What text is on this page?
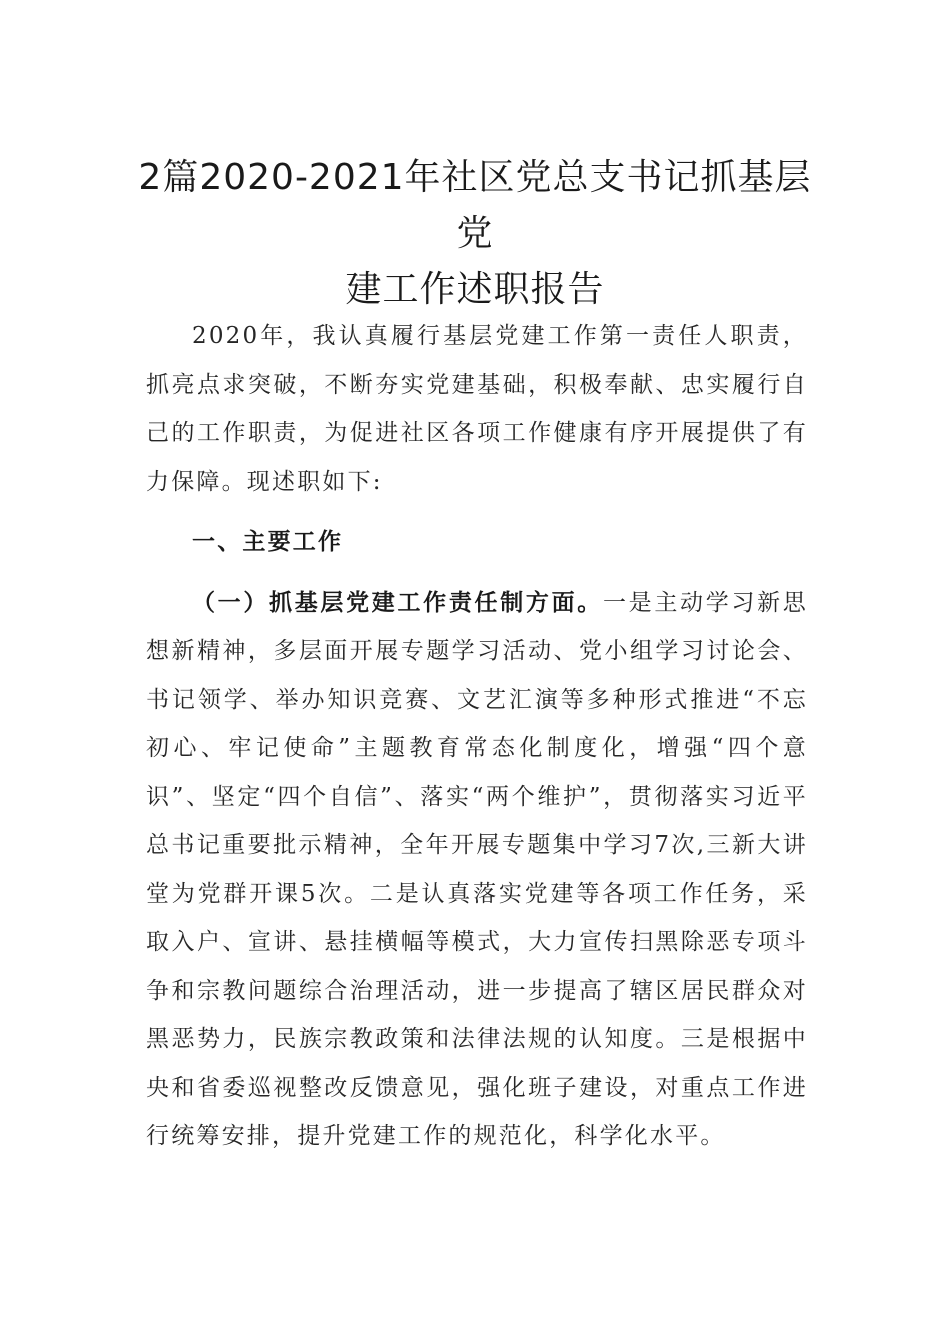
2篇2020-2021年社区党总支书记抓基层党
建工作述职报告

2020年，我认真履行基层党建工作第一责任人职责，抓亮点求突破，不断夯实党建基础，积极奉献、忠实履行自己的工作职责，为促进社区各项工作健康有序开展提供了有力保障。现述职如下:

一、主要工作

（一）抓基层党建工作责任制方面。一是主动学习新思想新精神，多层面开展专题学习活动、党小组学习讨论会、书记领学、举办知识竞赛、文艺汇演等多种形式推进“不忘初心、牢记使命”主题教育常态化制度化，增强“四个意识”、坚定“四个自信”、落实“两个维护”，贯彻落实习近平总书记重要批示精神，全年开展专题集中学习7次,三新大讲堂为党群开课5次。二是认真落实党建等各项工作任务，采取入户、宣讲、悬挂横幅等模式，大力宣传扫黑除恶专项斗争和宗教问题综合治理活动，进一步提高了辖区居民群众对黑恶势力，民族宗教政策和法律法规的认知度。三是根据中央和省委巡视整改反馈意见，强化班子建设，对重点工作进行统筹安排，提升党建工作的规范化，科学化水平。
